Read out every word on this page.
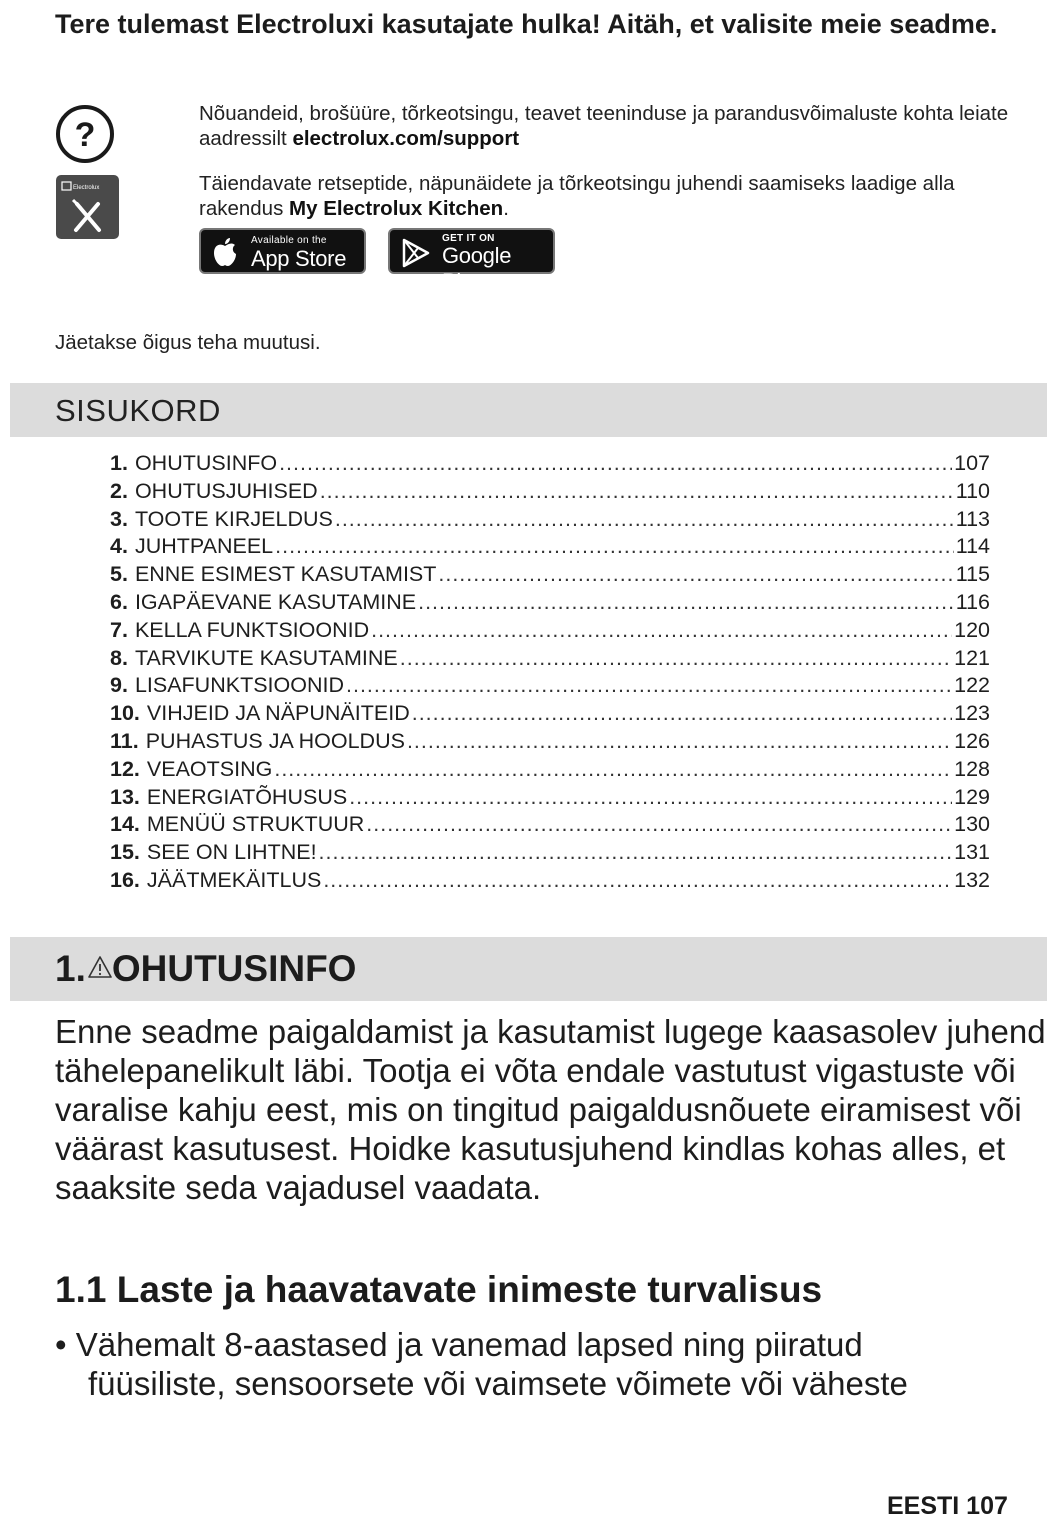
Tere tulemast Electroluxi kasutajate hulka! Aitäh, et valisite meie seadme.
?
Electrolux
Nõuandeid, brošüüre, tõrkeotsingu, teavet teeninduse ja parandusvõimaluste kohta leiate aadressilt electrolux.com/support
Täiendavate retseptide, näpunäidete ja tõrkeotsingu juhendi saamiseks laadige alla rakendus My Electrolux Kitchen.
Available on the
App Store
GET IT ON
Google Play
Jäetakse õigus teha muutusi.
SISUKORD
1. OHUTUSINFO .....	107
2. OHUTUSJUHISED .....	110
3. TOOTE KIRJELDUS .....	113
4. JUHTPANEEL .....	114
5. ENNE ESIMEST KASUTAMIST .....	115
6. IGAPÄEVANE KASUTAMINE .....	116
7. KELLA FUNKTSIOONID .....	120
8. TARVIKUTE KASUTAMINE .....	121
9. LISAFUNKTSIOONID .....	122
10. VIHJEID JA NÄPUNÄITEID .....	123
11. PUHASTUS JA HOOLDUS .....	126
12. VEAOTSING .....	128
13. ENERGIATÕHUSUS .....	129
14. MENÜÜ STRUKTUUR .....	130
15. SEE ON LIHTNE! .....	131
16. JÄÄTMEKÄITLUS .....	132
1. OHUTUSINFO
Enne seadme paigaldamist ja kasutamist lugege kaasasolev juhend tähelepanelikult läbi. Tootja ei võta endale vastutust vigastuste või varalise kahju eest, mis on tingitud paigaldusnõuete eiramisest või väärast kasutusest. Hoidke kasutusjuhend kindlas kohas alles, et saaksite seda vajadusel vaadata.
1.1 Laste ja haavatavate inimeste turvalisus
• Vähemalt 8-aastased ja vanemad lapsed ning piiratud
füüsiliste, sensoorsete või vaimsete võimete või väheste
EESTI 107
